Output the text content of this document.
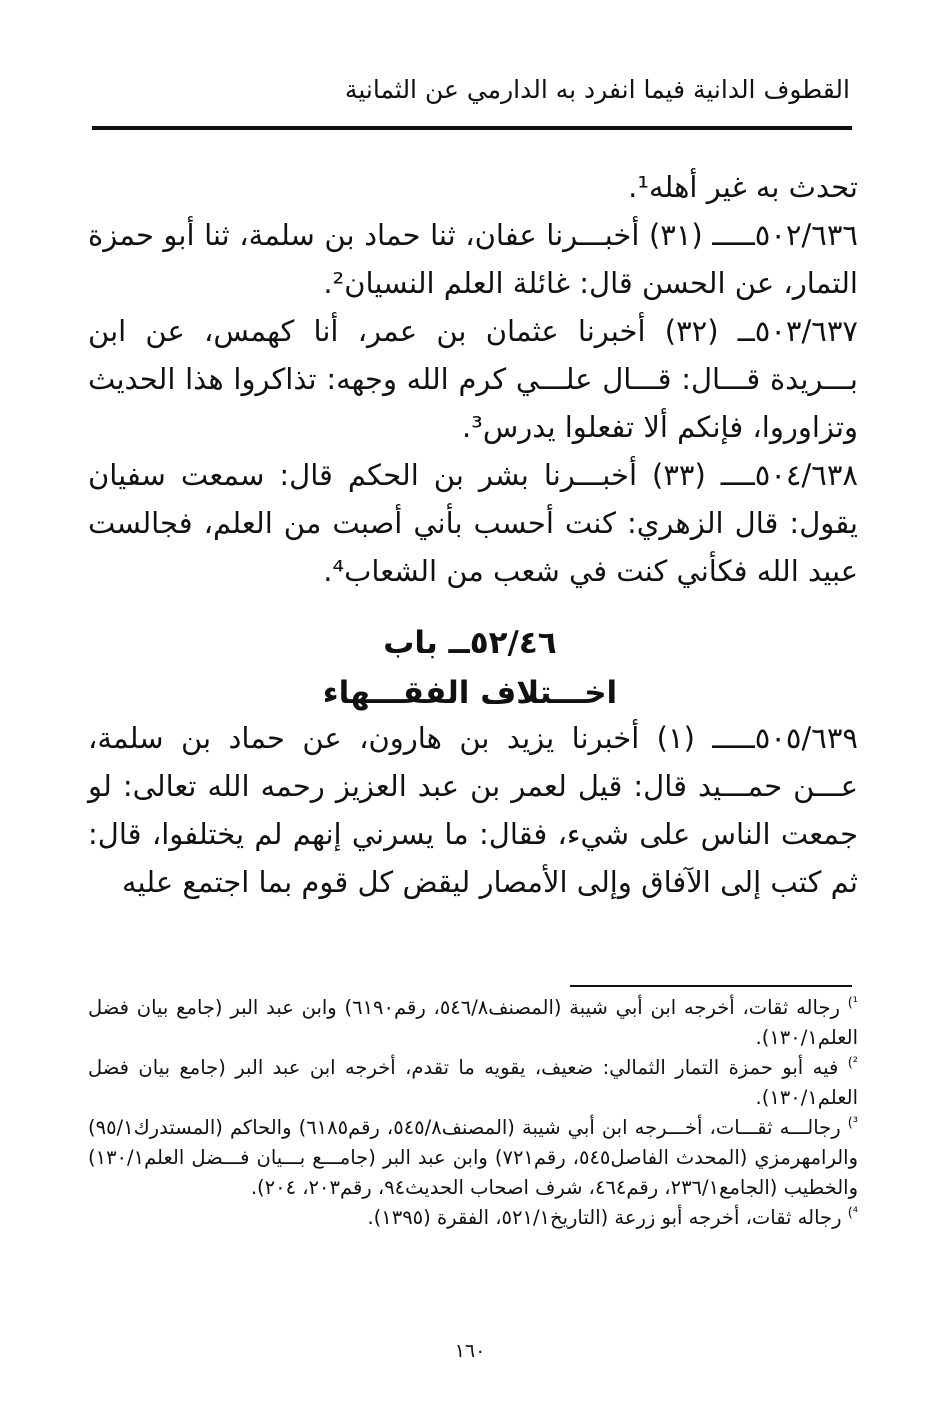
القطوف الدانية فيما انفرد به الدارمي عن الثمانية

تحدث به غير أهله¹.

٥٠٢/٦٣٦ـــــ (٣١) أخبـــرنا عفان، ثنا حماد بن سلمة، ثنا أبو حمزة التمار، عن الحسن قال: غائلة العلم النسيان².

٥٠٣/٦٣٧ــ (٣٢) أخبرنا عثمان بن عمر، أنا كهمس، عن ابن بـــريدة قـــال: قـــال علـــي كرم الله وجهه: تذاكروا هذا الحديث وتزاوروا، فإنكم ألا تفعلوا يدرس³.

٥٠٤/٦٣٨ــــ (٣٣) أخبـــرنا بشر بن الحكم قال: سمعت سفيان يقول: قال الزهري: كنت أحسب بأني أصبت من العلم، فجالست عبيد الله فكأني كنت في شعب من الشعاب⁴.

٥٢/٤٦ــ باب
اخـــتلاف الفقـــهاء

٥٠٥/٦٣٩ـــــ (١) أخبرنا يزيد بن هارون، عن حماد بن سلمة، عـــن حمـــيد قال: قيل لعمر بن عبد العزيز رحمه الله تعالى: لو جمعت الناس على شيء، فقال: ما يسرني إنهم لم يختلفوا، قال: ثم كتب إلى الآفاق وإلى الأمصار ليقض كل قوم بما اجتمع عليه

$^{^1)}$ رجاله ثقات، أخرجه ابن أبي شيبة (المصنف٥٤٦/٨، رقم٦١٩٠) وابن عبد البر (جامع بيان فضل العلم١٣٠/١).

$^{^2)}$ فيه أبو حمزة التمار الثمالي: ضعيف، يقويه ما تقدم، أخرجه ابن عبد البر (جامع بيان فضل العلم١٣٠/١).

$^{^3)}$ رجالـــه ثقـــات، أخـــرجه ابن أبي شيبة (المصنف٥٤٥/٨، رقم٦١٨٥) والحاكم (المستدرك٩٥/١) والرامهرمزي (المحدث الفاصل٥٤٥، رقم٧٢١) وابن عبد البر (جامـــع بـــيان فـــضل العلم١٣٠/١) والخطيب (الجامع٢٣٦/١، رقم٤٦٤، شرف اصحاب الحديث٩٤، رقم٢٠٣، ٢٠٤).

$^{^4)}$ رجاله ثقات، أخرجه أبو زرعة (التاريخ٥٢١/١، الفقرة (١٣٩٥).

١٦٠
